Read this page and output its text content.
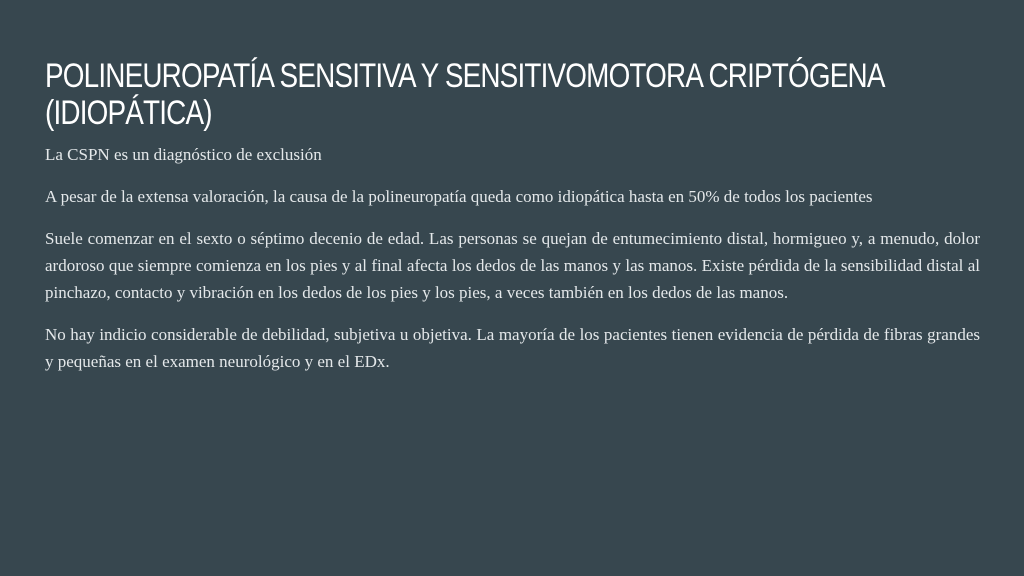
POLINEUROPATÍA SENSITIVA Y SENSITIVOMOTORA CRIPTÓGENA
(IDIOPÁTICA)

La CSPN es un diagnóstico de exclusión

A pesar de la extensa valoración, la causa de la polineuropatía queda como idiopática hasta en 50% de todos los pacientes

Suele comenzar en el sexto o séptimo decenio de edad. Las personas se quejan de entumecimiento distal, hormigueo y, a menudo, dolor ardoroso que siempre comienza en los pies y al final afecta los dedos de las manos y las manos. Existe pérdida de la sensibilidad distal al pinchazo, contacto y vibración en los dedos de los pies y los pies, a veces también en los dedos de las manos.

No hay indicio considerable de debilidad, subjetiva u objetiva. La mayoría de los pacientes tienen evidencia de pérdida de fibras grandes y pequeñas en el examen neurológico y en el EDx.
